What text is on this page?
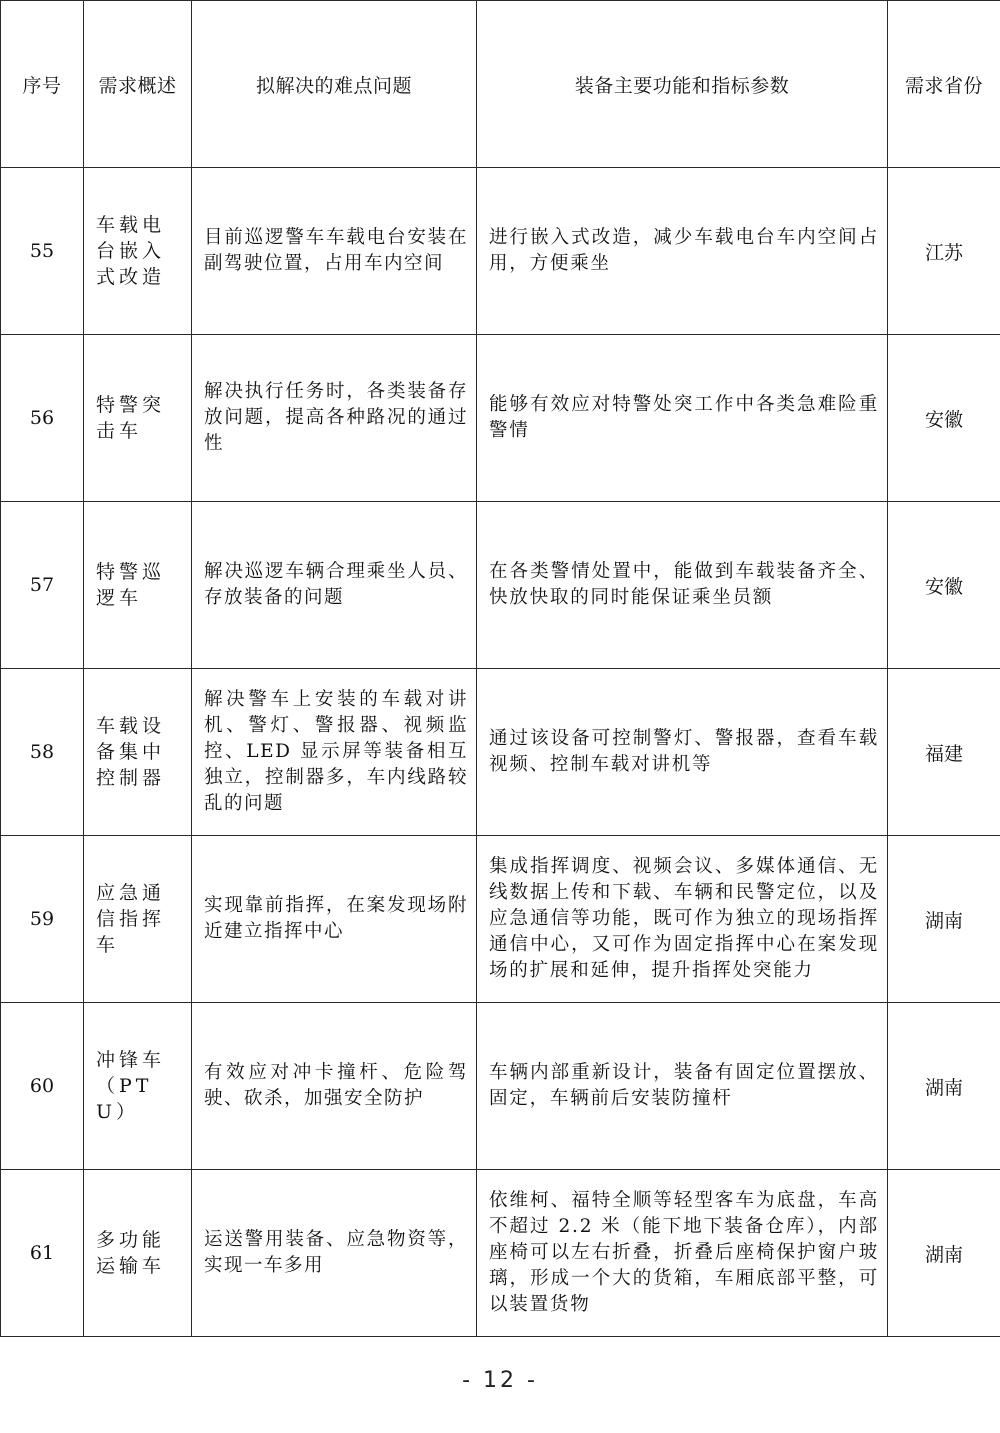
序号	需求概述	拟解决的难点问题	装备主要功能和指标参数	需求省份
55	车载电台嵌入式改造	目前巡逻警车车载电台安装在副驾驶位置，占用车内空间	进行嵌入式改造，减少车载电台车内空间占用，方便乘坐	江苏
56	特警突击车	解决执行任务时，各类装备存放问题，提高各种路况的通过性	能够有效应对特警处突工作中各类急难险重警情	安徽
57	特警巡逻车	解决巡逻车辆合理乘坐人员、存放装备的问题	在各类警情处置中，能做到车载装备齐全、快放快取的同时能保证乘坐员额	安徽
58	车载设备集中控制器	解决警车上安装的车载对讲机、警灯、警报器、视频监控、LED 显示屏等装备相互独立，控制器多，车内线路较乱的问题	通过该设备可控制警灯、警报器，查看车载视频、控制车载对讲机等	福建
59	应急通信指挥车	实现靠前指挥，在案发现场附近建立指挥中心	集成指挥调度、视频会议、多媒体通信、无线数据上传和下载、车辆和民警定位，以及应急通信等功能，既可作为独立的现场指挥通信中心，又可作为固定指挥中心在案发现场的扩展和延伸，提升指挥处突能力	湖南
60	冲锋车（PTU）	有效应对冲卡撞杆、危险驾驶、砍杀，加强安全防护	车辆内部重新设计，装备有固定位置摆放、固定，车辆前后安装防撞杆	湖南
61	多功能运输车	运送警用装备、应急物资等，实现一车多用	依维柯、福特全顺等轻型客车为底盘，车高不超过 2.2 米（能下地下装备仓库），内部座椅可以左右折叠，折叠后座椅保护窗户玻璃，形成一个大的货箱，车厢底部平整，可以装置货物	湖南
- 12 -
